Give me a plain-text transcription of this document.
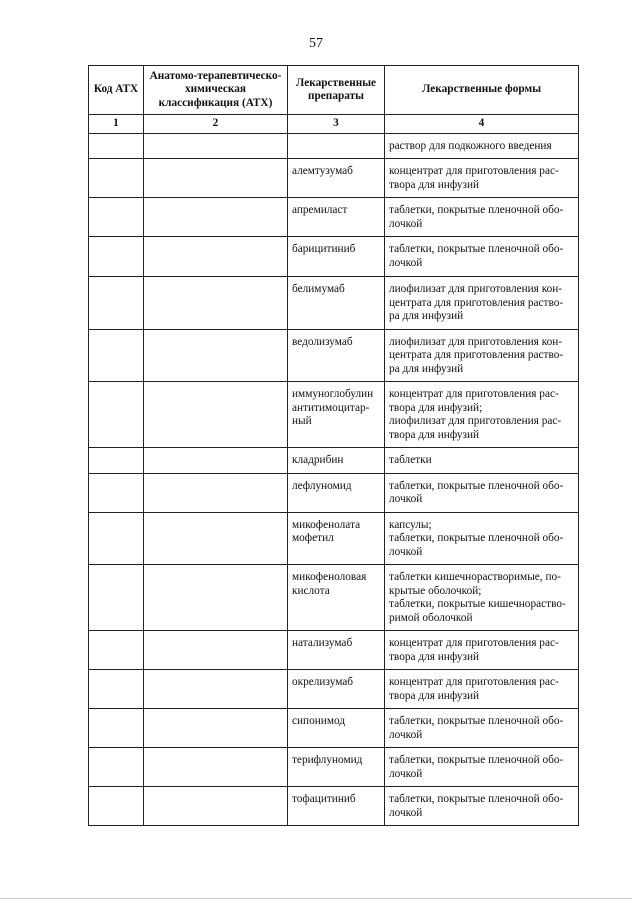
57
Код АТХ	Анатомо-терапевтическо-химическая классификация (АТХ)	Лекарственные препараты	Лекарственные формы
1	2	3	4
			раствор для подкожного введения
		алемтузумаб	концентрат для приготовления рас-
твора для инфузий
		апремиласт	таблетки, покрытые пленочной обо-
лочкой
		барицитиниб	таблетки, покрытые пленочной обо-
лочкой
		белимумаб	лиофилизат для приготовления кон-
центрата для приготовления раство-
ра для инфузий
		ведолизумаб	лиофилизат для приготовления кон-
центрата для приготовления раство-
ра для инфузий
		иммуноглобулин
антитимоцитар-
ный	концентрат для приготовления рас-
твора для инфузий;
лиофилизат для приготовления рас-
твора для инфузий
		кладрибин	таблетки
		лефлуномид	таблетки, покрытые пленочной обо-
лочкой
		микофенолата
мофетил	капсулы;
таблетки, покрытые пленочной обо-
лочкой
		микофеноловая
кислота	таблетки кишечнорастворимые, по-
крытые оболочкой;
таблетки, покрытые кишечнораство-
римой оболочкой
		натализумаб	концентрат для приготовления рас-
твора для инфузий
		окрелизумаб	концентрат для приготовления рас-
твора для инфузий
		сипонимод	таблетки, покрытые пленочной обо-
лочкой
		терифлуномид	таблетки, покрытые пленочной обо-
лочкой
		тофацитиниб	таблетки, покрытые пленочной обо-
лочкой
